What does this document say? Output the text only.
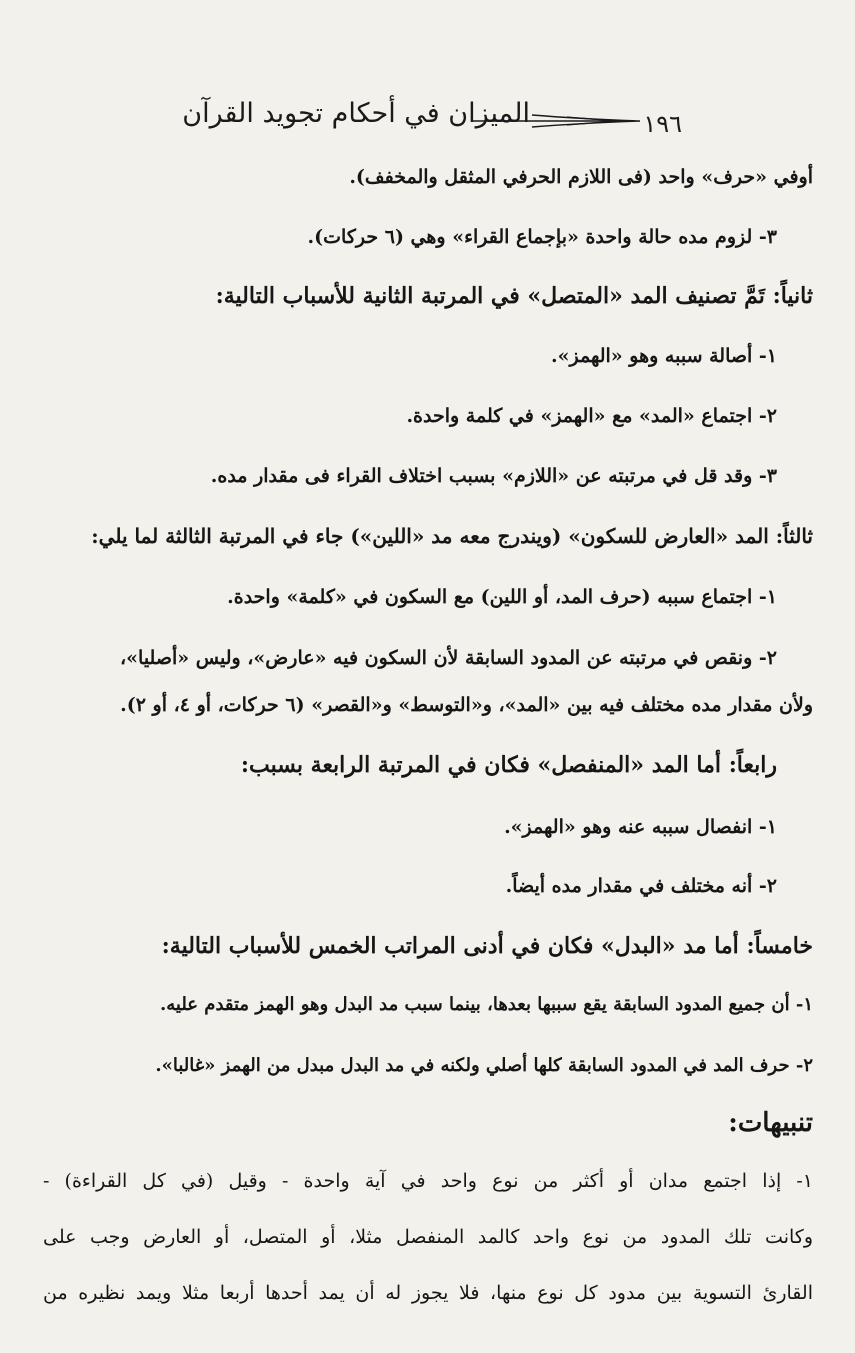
الميزان في أحكام تجويد القرآن	١٩٦
أوفي «حرف» واحد (فى اللازم الحرفي المثقل والمخفف).
٣- لزوم مده حالة واحدة «بإجماع القراء» وهي (٦ حركات).
ثانياً: تَمَّ تصنيف المد «المتصل» في المرتبة الثانية للأسباب التالية:
١- أصالة سببه وهو «الهمز».
٢- اجتماع «المد» مع «الهمز» في كلمة واحدة.
٣- وقد قل في مرتبته عن «اللازم» بسبب اختلاف القراء فى مقدار مده.
ثالثاً: المد «العارض للسكون» (ويندرج معه مد «اللين») جاء في المرتبة الثالثة لما يلي:
١- اجتماع سببه (حرف المد، أو اللين) مع السكون في «كلمة» واحدة.
٢- ونقص في مرتبته عن المدود السابقة لأن السكون فيه «عارض»، وليس «أصليا»،
ولأن مقدار مده مختلف فيه بين «المد»، و«التوسط» و«القصر» (٦ حركات، أو ٤، أو ٢).
رابعاً: أما المد «المنفصل» فكان في المرتبة الرابعة بسبب:
١- انفصال سببه عنه وهو «الهمز».
٢- أنه مختلف في مقدار مده أيضاً.
خامساً: أما مد «البدل» فكان في أدنى المراتب الخمس للأسباب التالية:
١- أن جميع المدود السابقة يقع سببها بعدها، بينما سبب مد البدل وهو الهمز متقدم عليه.
٢- حرف المد في المدود السابقة كلها أصلي ولكنه في مد البدل مبدل من الهمز «غالبا».
تنبيهات:
١- إذا اجتمع مدان أو أكثر من نوع واحد في آية واحدة - وقيل (في كل القراءة) -
وكانت تلك المدود من نوع واحد كالمد المنفصل مثلا، أو المتصل، أو العارض وجب على
القارئ التسوية بين مدود كل نوع منها، فلا يجوز له أن يمد أحدها أربعا مثلا ويمد نظيره من
